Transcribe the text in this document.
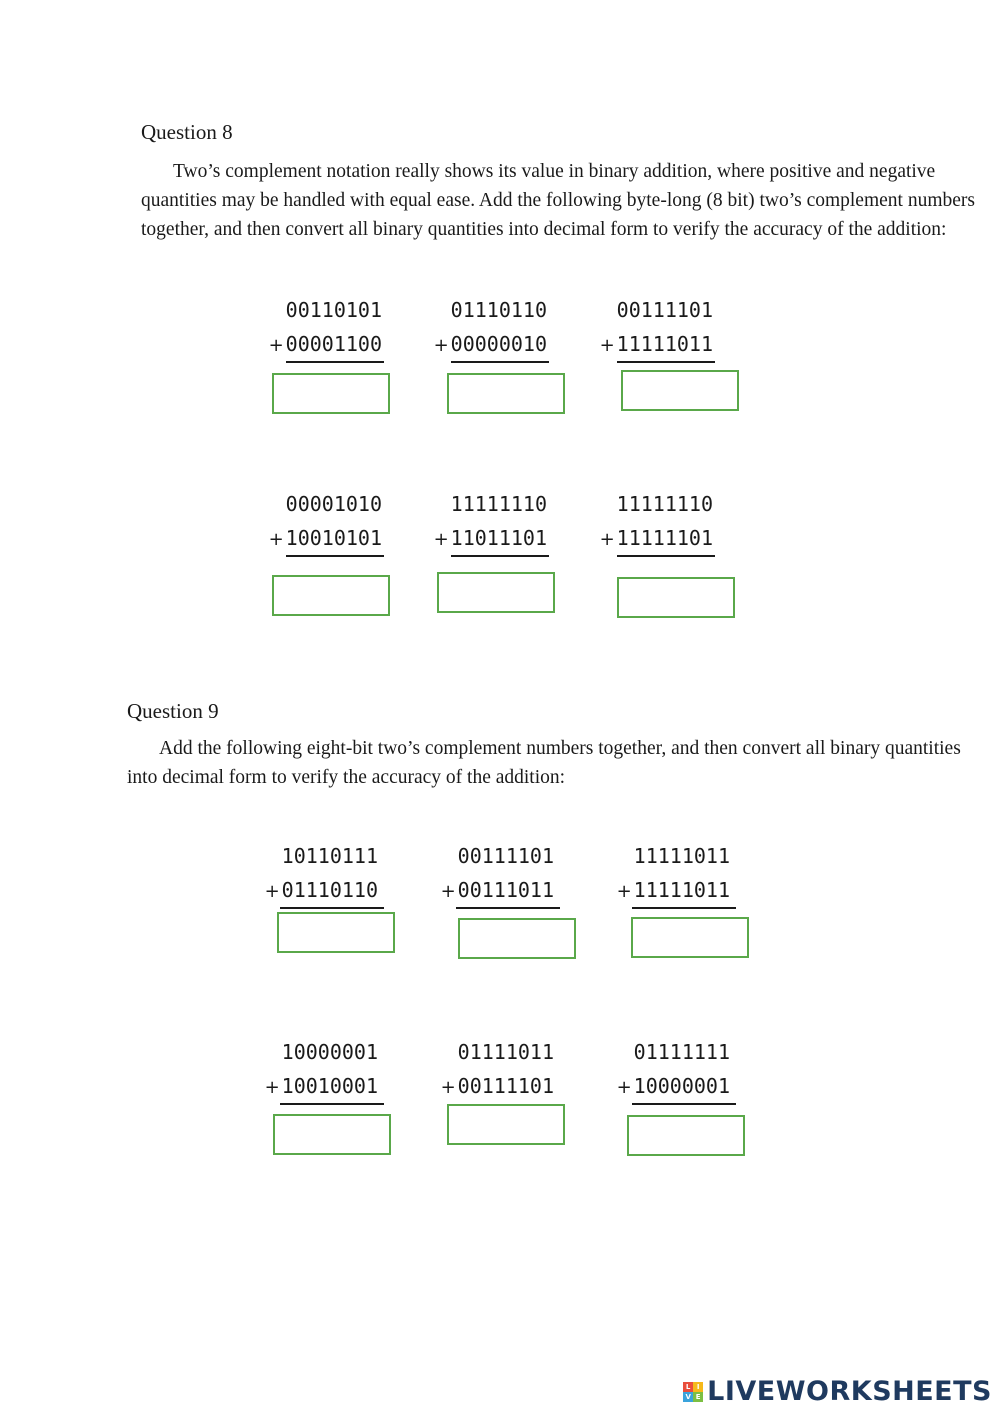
Question 8
Two’s complement notation really shows its value in binary addition, where positive and negative
quantities may be handled with equal ease. Add the following byte-long (8 bit) two’s complement numbers
together, and then convert all binary quantities into decimal form to verify the accuracy of the addition:
00110101
+ 00001100
01110110
+ 00000010
00111101
+ 11111011
00001010
+ 10010101
11111110
+ 11011101
11111110
+ 11111101
Question 9
Add the following eight-bit two’s complement numbers together, and then convert all binary quantities
into decimal form to verify the accuracy of the addition:
10110111
+ 01110110
00111101
+ 00111011
11111011
+ 11111011
10000001
+ 10010001
01111011
+ 00111101
01111111
+ 10000001
L I
V E LIVEWORKSHEETS
